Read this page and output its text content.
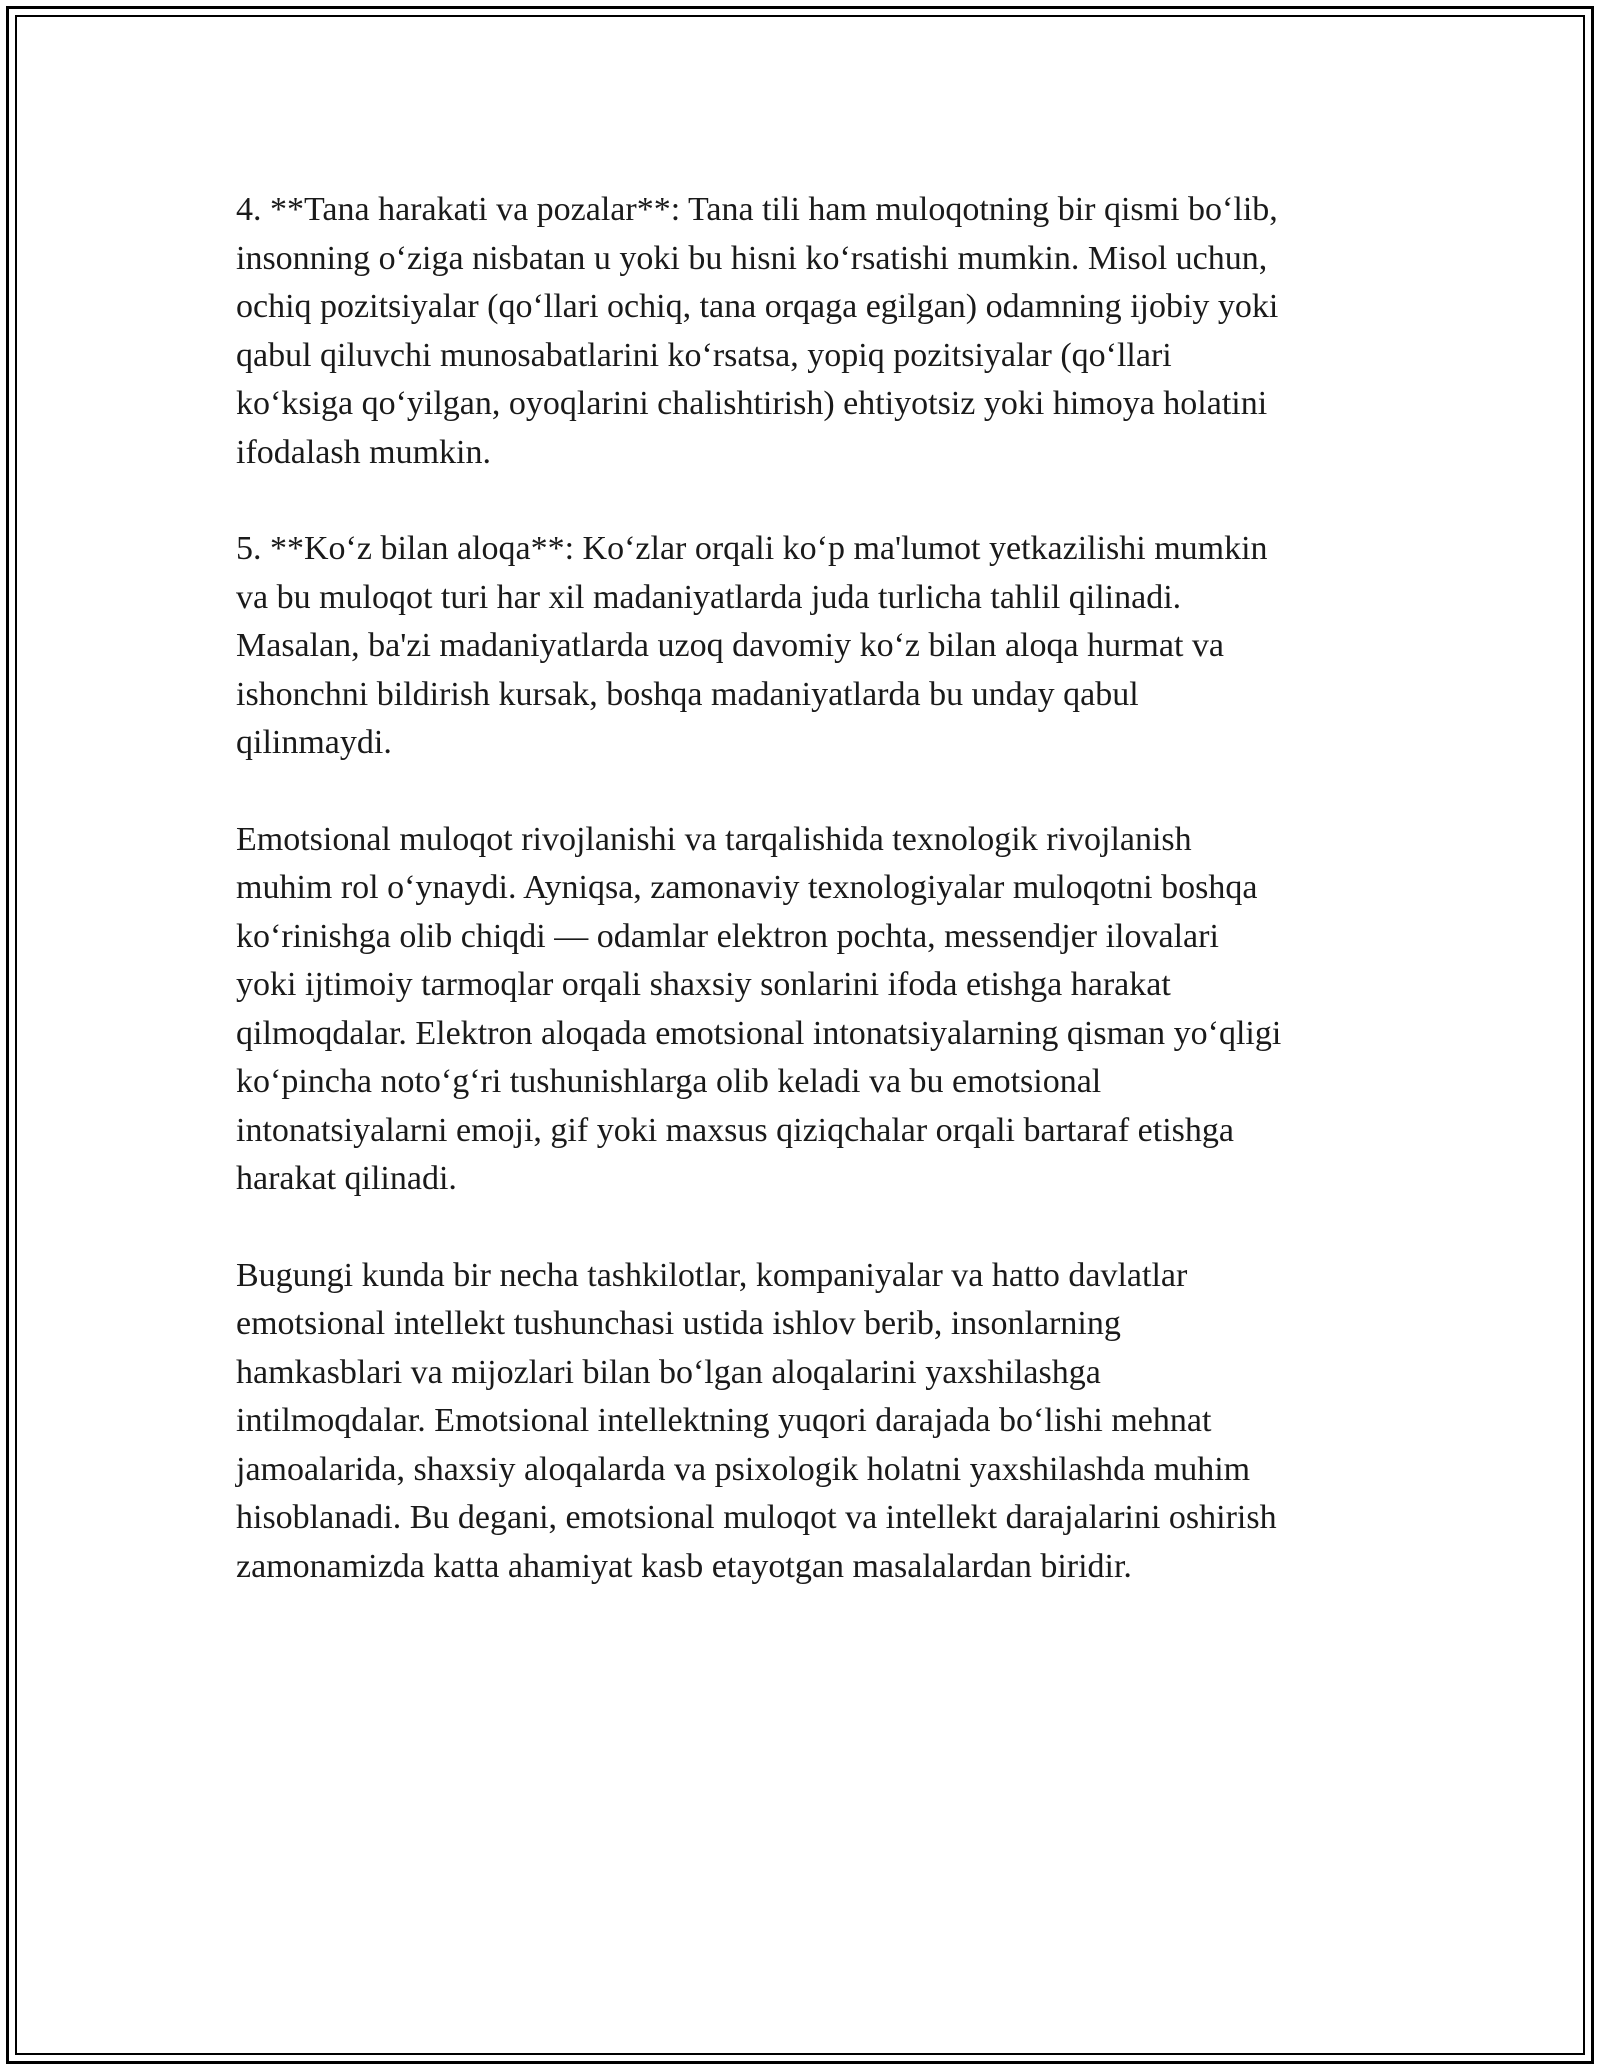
4. **Tana harakati va pozalar**: Tana tili ham muloqotning bir qismi bo‘lib,
insonning o‘ziga nisbatan u yoki bu hisni ko‘rsatishi mumkin. Misol uchun,
ochiq pozitsiyalar (qo‘llari ochiq, tana orqaga egilgan) odamning ijobiy yoki
qabul qiluvchi munosabatlarini ko‘rsatsa, yopiq pozitsiyalar (qo‘llari
ko‘ksiga qo‘yilgan, oyoqlarini chalishtirish) ehtiyotsiz yoki himoya holatini
ifodalash mumkin.

5. **Ko‘z bilan aloqa**: Ko‘zlar orqali ko‘p ma'lumot yetkazilishi mumkin
va bu muloqot turi har xil madaniyatlarda juda turlicha tahlil qilinadi.
Masalan, ba'zi madaniyatlarda uzoq davomiy ko‘z bilan aloqa hurmat va
ishonchni bildirish kursak, boshqa madaniyatlarda bu unday qabul
qilinmaydi.

Emotsional muloqot rivojlanishi va tarqalishida texnologik rivojlanish
muhim rol o‘ynaydi. Ayniqsa, zamonaviy texnologiyalar muloqotni boshqa
ko‘rinishga olib chiqdi — odamlar elektron pochta, messendjer ilovalari
yoki ijtimoiy tarmoqlar orqali shaxsiy sonlarini ifoda etishga harakat
qilmoqdalar. Elektron aloqada emotsional intonatsiyalarning qisman yo‘qligi
ko‘pincha noto‘g‘ri tushunishlarga olib keladi va bu emotsional
intonatsiyalarni emoji, gif yoki maxsus qiziqchalar orqali bartaraf etishga
harakat qilinadi.

Bugungi kunda bir necha tashkilotlar, kompaniyalar va hatto davlatlar
emotsional intellekt tushunchasi ustida ishlov berib, insonlarning
hamkasblari va mijozlari bilan bo‘lgan aloqalarini yaxshilashga
intilmoqdalar. Emotsional intellektning yuqori darajada bo‘lishi mehnat
jamoalarida, shaxsiy aloqalarda va psixologik holatni yaxshilashda muhim
hisoblanadi. Bu degani, emotsional muloqot va intellekt darajalarini oshirish
zamonamizda katta ahamiyat kasb etayotgan masalalardan biridir.
